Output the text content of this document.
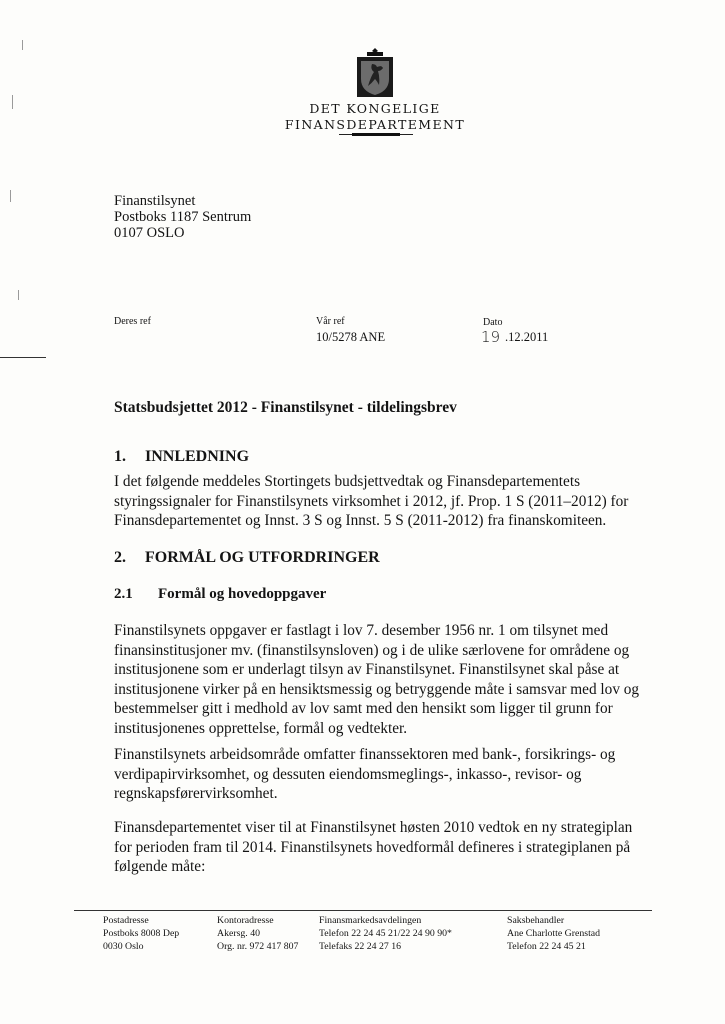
DET KONGELIGE
FINANSDEPARTEMENT
Finanstilsynet
Postboks 1187 Sentrum
0107 OSLO
Deres ref	Vår ref
10/5278 ANE
Dato
19 .12.2011
Statsbudsjettet 2012 - Finanstilsynet - tildelingsbrev
1. INNLEDNING
I det følgende meddeles Stortingets budsjettvedtak og Finansdepartementets
styringssignaler for Finanstilsynets virksomhet i 2012, jf. Prop. 1 S (2011–2012) for
Finansdepartementet og Innst. 3 S og Innst. 5 S (2011-2012) fra finanskomiteen.
2. FORMÅL OG UTFORDRINGER
2.1 Formål og hovedoppgaver
Finanstilsynets oppgaver er fastlagt i lov 7. desember 1956 nr. 1 om tilsynet med
finansinstitusjoner mv. (finanstilsynsloven) og i de ulike særlovene for områdene og
institusjonene som er underlagt tilsyn av Finanstilsynet. Finanstilsynet skal påse at
institusjonene virker på en hensiktsmessig og betryggende måte i samsvar med lov og
bestemmelser gitt i medhold av lov samt med den hensikt som ligger til grunn for
institusjonenes opprettelse, formål og vedtekter.
Finanstilsynets arbeidsområde omfatter finanssektoren med bank-, forsikrings- og
verdipapirvirksomhet, og dessuten eiendomsmeglings-, inkasso-, revisor- og
regnskapsførervirksomhet.
Finansdepartementet viser til at Finanstilsynet høsten 2010 vedtok en ny strategiplan
for perioden fram til 2014. Finanstilsynets hovedformål defineres i strategiplanen på
følgende måte:
Postadresse
Postboks 8008 Dep
0030 Oslo
Kontoradresse
Akersg. 40
Org. nr. 972 417 807
Finansmarkedsavdelingen
Telefon 22 24 45 21/22 24 90 90*
Telefaks 22 24 27 16
Saksbehandler
Ane Charlotte Grenstad
Telefon 22 24 45 21
